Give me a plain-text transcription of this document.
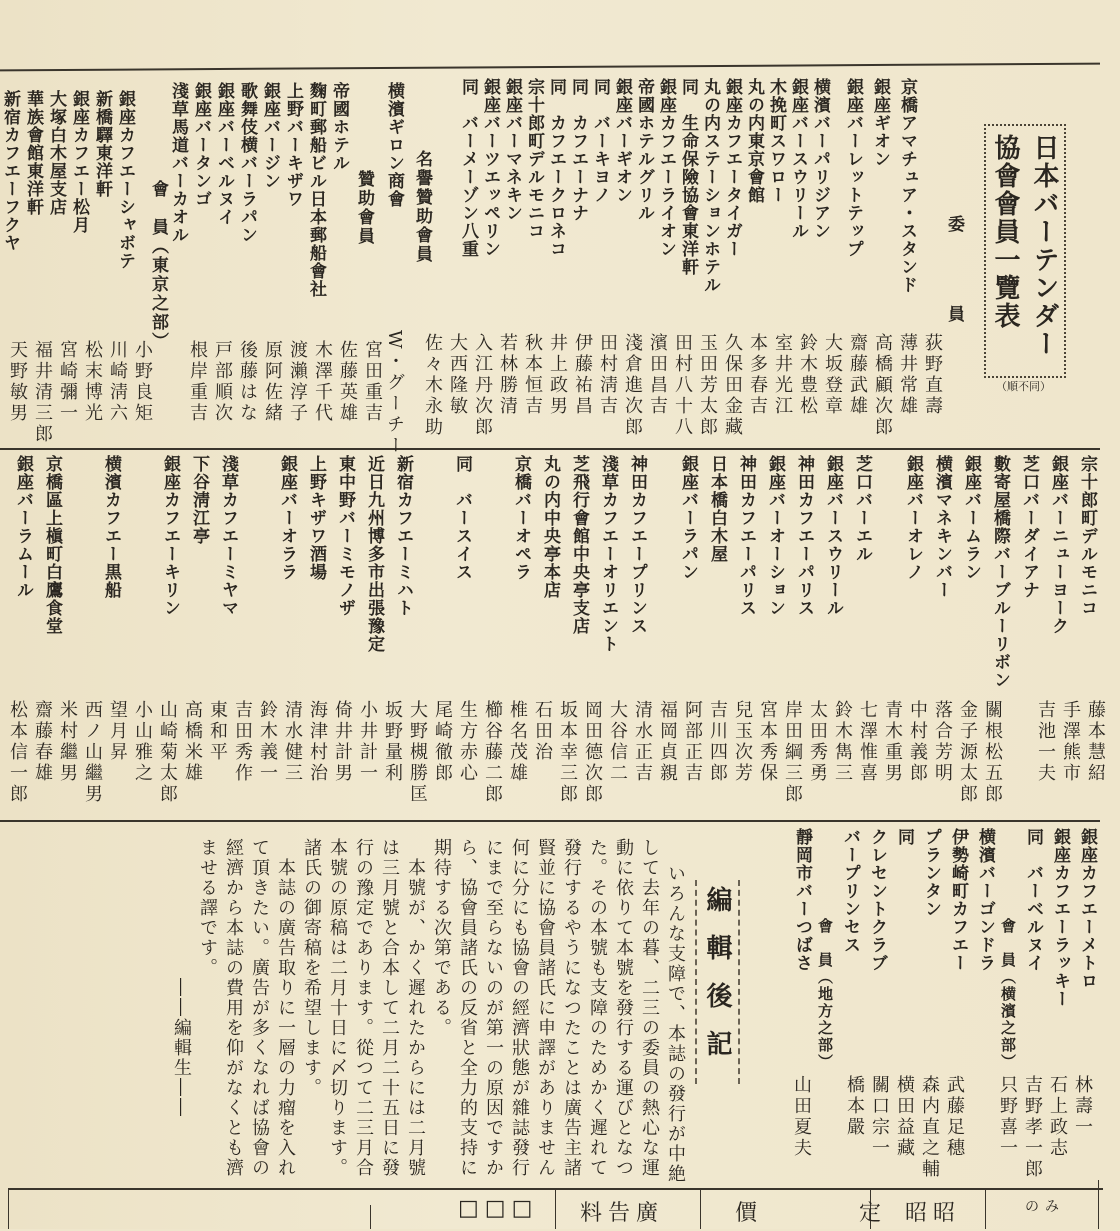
日本バーテンダー
協會會員一覽表
（順不同）
委　員
京橋アマチュア・スタンド
銀座ギオン
銀座バーレットテップ
横濱バーパリジアン
銀座バースウリール
木挽町スワロー
丸の内東京會館
銀座カフエータイガー
丸の内ステーションホテル
同　生命保險協會東洋軒
銀座カフエーライオン
帝國ホテルグリル
銀座バーギオン
同　バーキヨノ
同　カフエーナナ
同　カフエークロネコ
宗十郎町デルモニコ
銀座バーマネキン
銀座バーツエッペリン
同　バーメーゾン八重
横濱ギロン商會 名譽贊助會員
贊助會員
帝國ホテル
麴町郵船ビル日本郵船會社
上野バーキザワ
銀座バージン
歌舞伎横バーラパン
銀座バーベルヌイ
銀座バータンゴ
淺草馬道バーカオル
會　員（東京之部）
銀座カフエーシャボテ
新橋驛東洋軒
銀座カフエー松月
大塚白木屋支店
華族會館東洋軒
新宿カフエーフクヤ
荻野直壽
薄井常雄
高橋顧次郎
齋藤武雄
大坂登章
鈴木豊松
室井光江
本多春吉
久保田金藏
玉田芳太郎
田村八十八
濱田昌吉
淺倉進次郎
田村淸吉
伊藤祐昌
井上政男
秋本恒吉
若林勝清
入江丹次郎
大西隆敏
佐々木永助
W・グーチー
宮田重吉
佐藤英雄
木澤千代
渡瀨淳子
原阿佐緒
後藤はな
戸部順次
根岸重吉
小野良矩
川崎淸六
松末博光
宮崎彌一
福井清三郎
天野敏男
宗十郎町デルモニコ
銀座バーニューヨーク
芝口バーダイアナ
數寄屋橋際バーブルーリボン
銀座バームラン
横濱マネキンバー
銀座バーオレノ
芝口バーエル
銀座バースウリール
神田カフエーパリス
銀座バーオーション
神田カフエーパリス
日本橋白木屋
銀座バーラパン
神田カフエープリンス
淺草カフエーオリエント
芝飛行會館中央亭支店
丸の内中央亭本店
京橋バーオペラ
同　バースイス
新宿カフエーミハト
近日九州博多市出張豫定
東中野バーミモノザ
上野キザワ酒場
銀座バーオララ
淺草カフエーミヤマ
下谷淸江亭
銀座カフエーキリン
横濱カフエー黒船
京橋區上槇町白鷹食堂
銀座バーラムール
藤本慧紹
手澤熊市
吉池一夫
關根松五郎
金子源太郎
落合芳明
中村義郎
青木重男
七澤惟喜
鈴木雋三
太田秀勇
岸田綱三郎
宮本秀保
兒玉次芳
吉川四郎
阿部正吉
福岡貞親
清水正吉
大谷信二
岡田德次郎
坂本幸三郎
石田治
椎名茂雄
櫛谷藤二郎
生方赤心
尾崎徹郎
大野槻勝匡
坂野量利
小井計一
倚井計男
海津村治
清水健三
鈴木義一
吉田秀作
東和平
高橋米雄
山崎菊太郎
小山雅之
望月昇
西ノ山繼男
米村繼男
齋藤春雄
松本信一郎
銀座カフエーメトロ
銀座カフエーラッキー
同　バーベルヌイ
會　員（横濱之部）
横濱バーゴンドラ
伊勢崎町カフエー
プランタン
同
クレセントクラブ
バープリンセス
會　員（地方之部）
靜岡市バーつばさ
林壽一
石上政志
吉野孝一郎
只野喜一
武藤足穗
森内直之輔
横田益藏
關口宗一
橋本嚴
山田夏夫
編輯後記
いろんな支障で、本誌の發行が中絶
して去年の暮、二三の委員の熱心な運
動に依りて本號を發行する運びとなつ
た。その本號も支障のためかく遲れて
發行するやうになつたことは廣告主諸
賢並に協會員諸氏に申譯がありません
何に分にも協會の經濟狀態が雜誌發行
にまで至らないのが第一の原因ですか
ら、協會員諸氏の反省と全力的支持に
期待する次第である。
　本號が、かく遲れたからには二月號
は三月號と合本して二月二十五日に發
行の豫定であります。從つて二三月合
本號の原稿は二月十日に〆切ります。
諸氏の御寄稿を希望します。
　本誌の廣告取りに一層の力瘤を入れ
て頂きたい。廣告が多くなれば協會の
經濟から本誌の費用を仰がなくとも濟
ませる譯です。
　　　　　　　――編輯生――
□□□ 料告廣	價　定
昭昭	のみ
